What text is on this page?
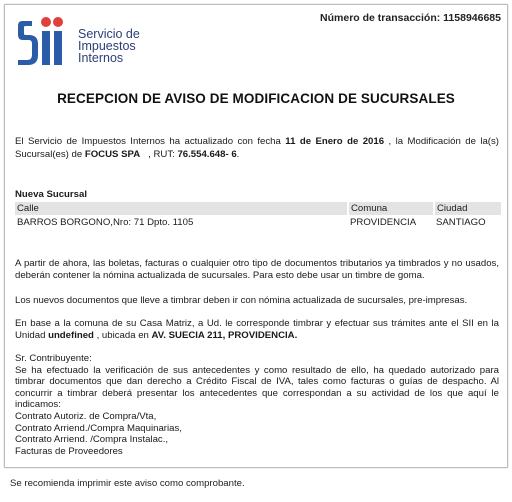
Servicio de
Impuestos
Internos
Número de transacción: 1158946685
RECEPCION DE AVISO DE MODIFICACION DE SUCURSALES
El Servicio de Impuestos Internos ha actualizado con fecha 11 de Enero de 2016 , la Modificación de la(s) Sucursal(es) de FOCUS SPA , RUT: 76.554.648- 6.
Nueva Sucursal
Calle	Comuna	Ciudad
BARROS BORGONO,Nro: 71 Dpto. 1105	PROVIDENCIA	SANTIAGO
A partir de ahora, las boletas, facturas o cualquier otro tipo de documentos tributarios ya timbrados y no usados, deberán contener la nómina actualizada de sucursales. Para esto debe usar un timbre de goma.
Los nuevos documentos que lleve a timbrar deben ir con nómina actualizada de sucursales, pre-impresas.
En base a la comuna de su Casa Matriz, a Ud. le corresponde timbrar y efectuar sus trámites ante el SII en la Unidad undefined , ubicada en AV. SUECIA 211, PROVIDENCIA.
Sr. Contribuyente:
Se ha efectuado la verificación de sus antecedentes y como resultado de ello, ha quedado autorizado para timbrar documentos que dan derecho a Crédito Fiscal de IVA, tales como facturas o guías de despacho. Al concurrir a timbrar deberá presentar los antecedentes que correspondan a su actividad de los que aquí le indicamos:
Contrato Autoriz. de Compra/Vta,
Contrato Arriend./Compra Maquinarias,
Contrato Arriend. /Compra Instalac.,
Facturas de Proveedores
Se recomienda imprimir este aviso como comprobante.
